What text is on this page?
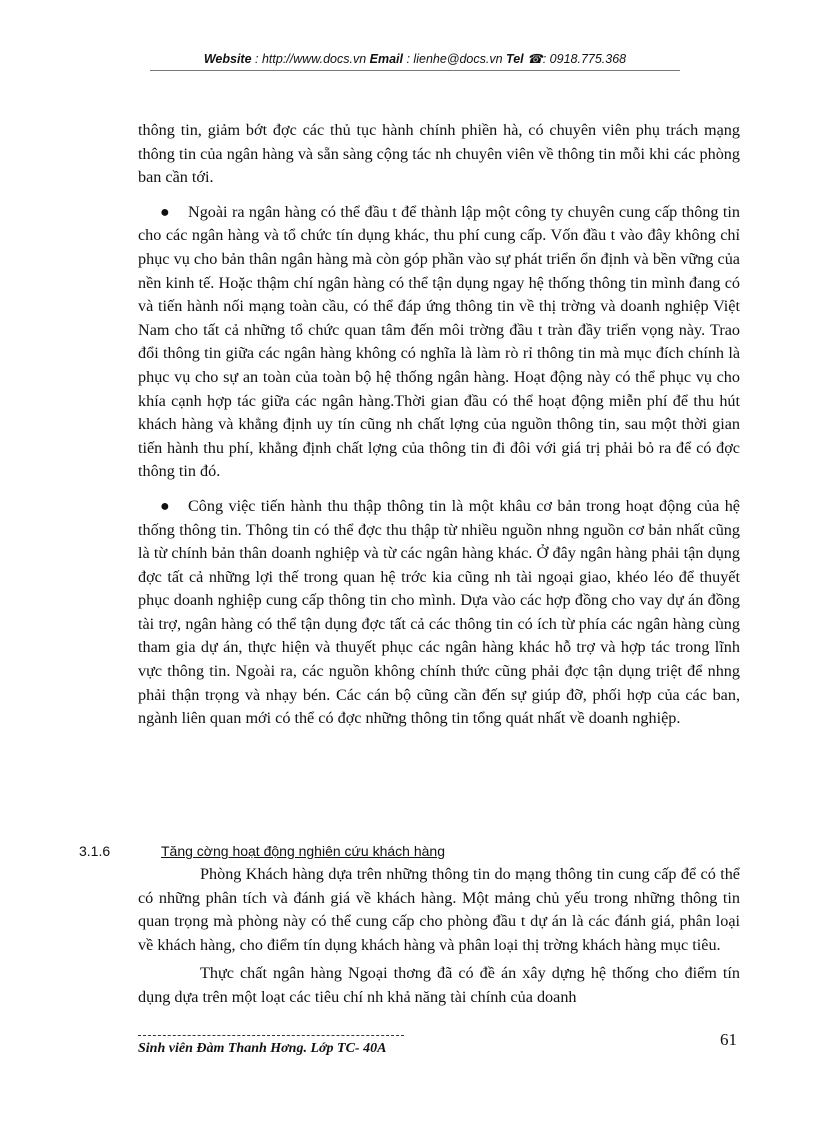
Website : http://www.docs.vn Email : lienhe@docs.vn Tel ☎: 0918.775.368

thông tin, giảm bớt đợc các thủ tục hành chính phiền hà, có chuyên viên phụ trách mạng thông tin của ngân hàng và sẵn sàng cộng tác nh chuyên viên về thông tin mỗi khi các phòng ban cần tới.

● Ngoài ra ngân hàng có thể đầu t để thành lập một công ty chuyên cung cấp thông tin cho các ngân hàng và tổ chức tín dụng khác, thu phí cung cấp. Vốn đầu t vào đây không chỉ phục vụ cho bản thân ngân hàng mà còn góp phần vào sự phát triển ổn định và bền vững của nền kinh tế. Hoặc thậm chí ngân hàng có thể tận dụng ngay hệ thống thông tin mình đang có và tiến hành nối mạng toàn cầu, có thể đáp ứng thông tin về thị trờng và doanh nghiệp Việt Nam cho tất cả những tổ chức quan tâm đến môi trờng đầu t tràn đầy triển vọng này. Trao đổi thông tin giữa các ngân hàng không có nghĩa là làm rò rỉ thông tin mà mục đích chính là phục vụ cho sự an toàn của toàn bộ hệ thống ngân hàng. Hoạt động này có thể phục vụ cho khía cạnh hợp tác giữa các ngân hàng.Thời gian đầu có thể hoạt động miễn phí để thu hút khách hàng và khẳng định uy tín cũng nh chất lợng của nguồn thông tin, sau một thời gian tiến hành thu phí, khẳng định chất lợng của thông tin đi đôi với giá trị phải bỏ ra để có đợc thông tin đó.

● Công việc tiến hành thu thập thông tin là một khâu cơ bản trong hoạt động của hệ thống thông tin. Thông tin có thể đợc thu thập từ nhiều nguồn nhng nguồn cơ bản nhất cũng là từ chính bản thân doanh nghiệp và từ các ngân hàng khác. Ở đây ngân hàng phải tận dụng đợc tất cả những lợi thế trong quan hệ trớc kia cũng nh tài ngoại giao, khéo léo để thuyết phục doanh nghiệp cung cấp thông tin cho mình. Dựa vào các hợp đồng cho vay dự án đồng tài trợ, ngân hàng có thể tận dụng đợc tất cả các thông tin có ích từ phía các ngân hàng cùng tham gia dự án, thực hiện và thuyết phục các ngân hàng khác hỗ trợ và hợp tác trong lĩnh vực thông tin. Ngoài ra, các nguồn không chính thức cũng phải đợc tận dụng triệt để nhng phải thận trọng và nhạy bén. Các cán bộ cũng cần đến sự giúp đỡ, phối hợp của các ban, ngành liên quan mới có thể có đợc những thông tin tổng quát nhất về doanh nghiệp.

3.1.6	Tăng cờng hoạt động nghiên cứu khách hàng

Phòng Khách hàng dựa trên những thông tin do mạng thông tin cung cấp để có thể có những phân tích và đánh giá về khách hàng. Một mảng chủ yếu trong những thông tin quan trọng mà phòng này có thể cung cấp cho phòng đầu t dự án là các đánh giá, phân loại về khách hàng, cho điểm tín dụng khách hàng và phân loại thị trờng khách hàng mục tiêu.

Thực chất ngân hàng Ngoại thơng đã có đề án xây dựng hệ thống cho điểm tín dụng dựa trên một loạt các tiêu chí nh khả năng tài chính của doanh

Sinh viên Đàm Thanh Hơng. Lớp TC- 40A	61
